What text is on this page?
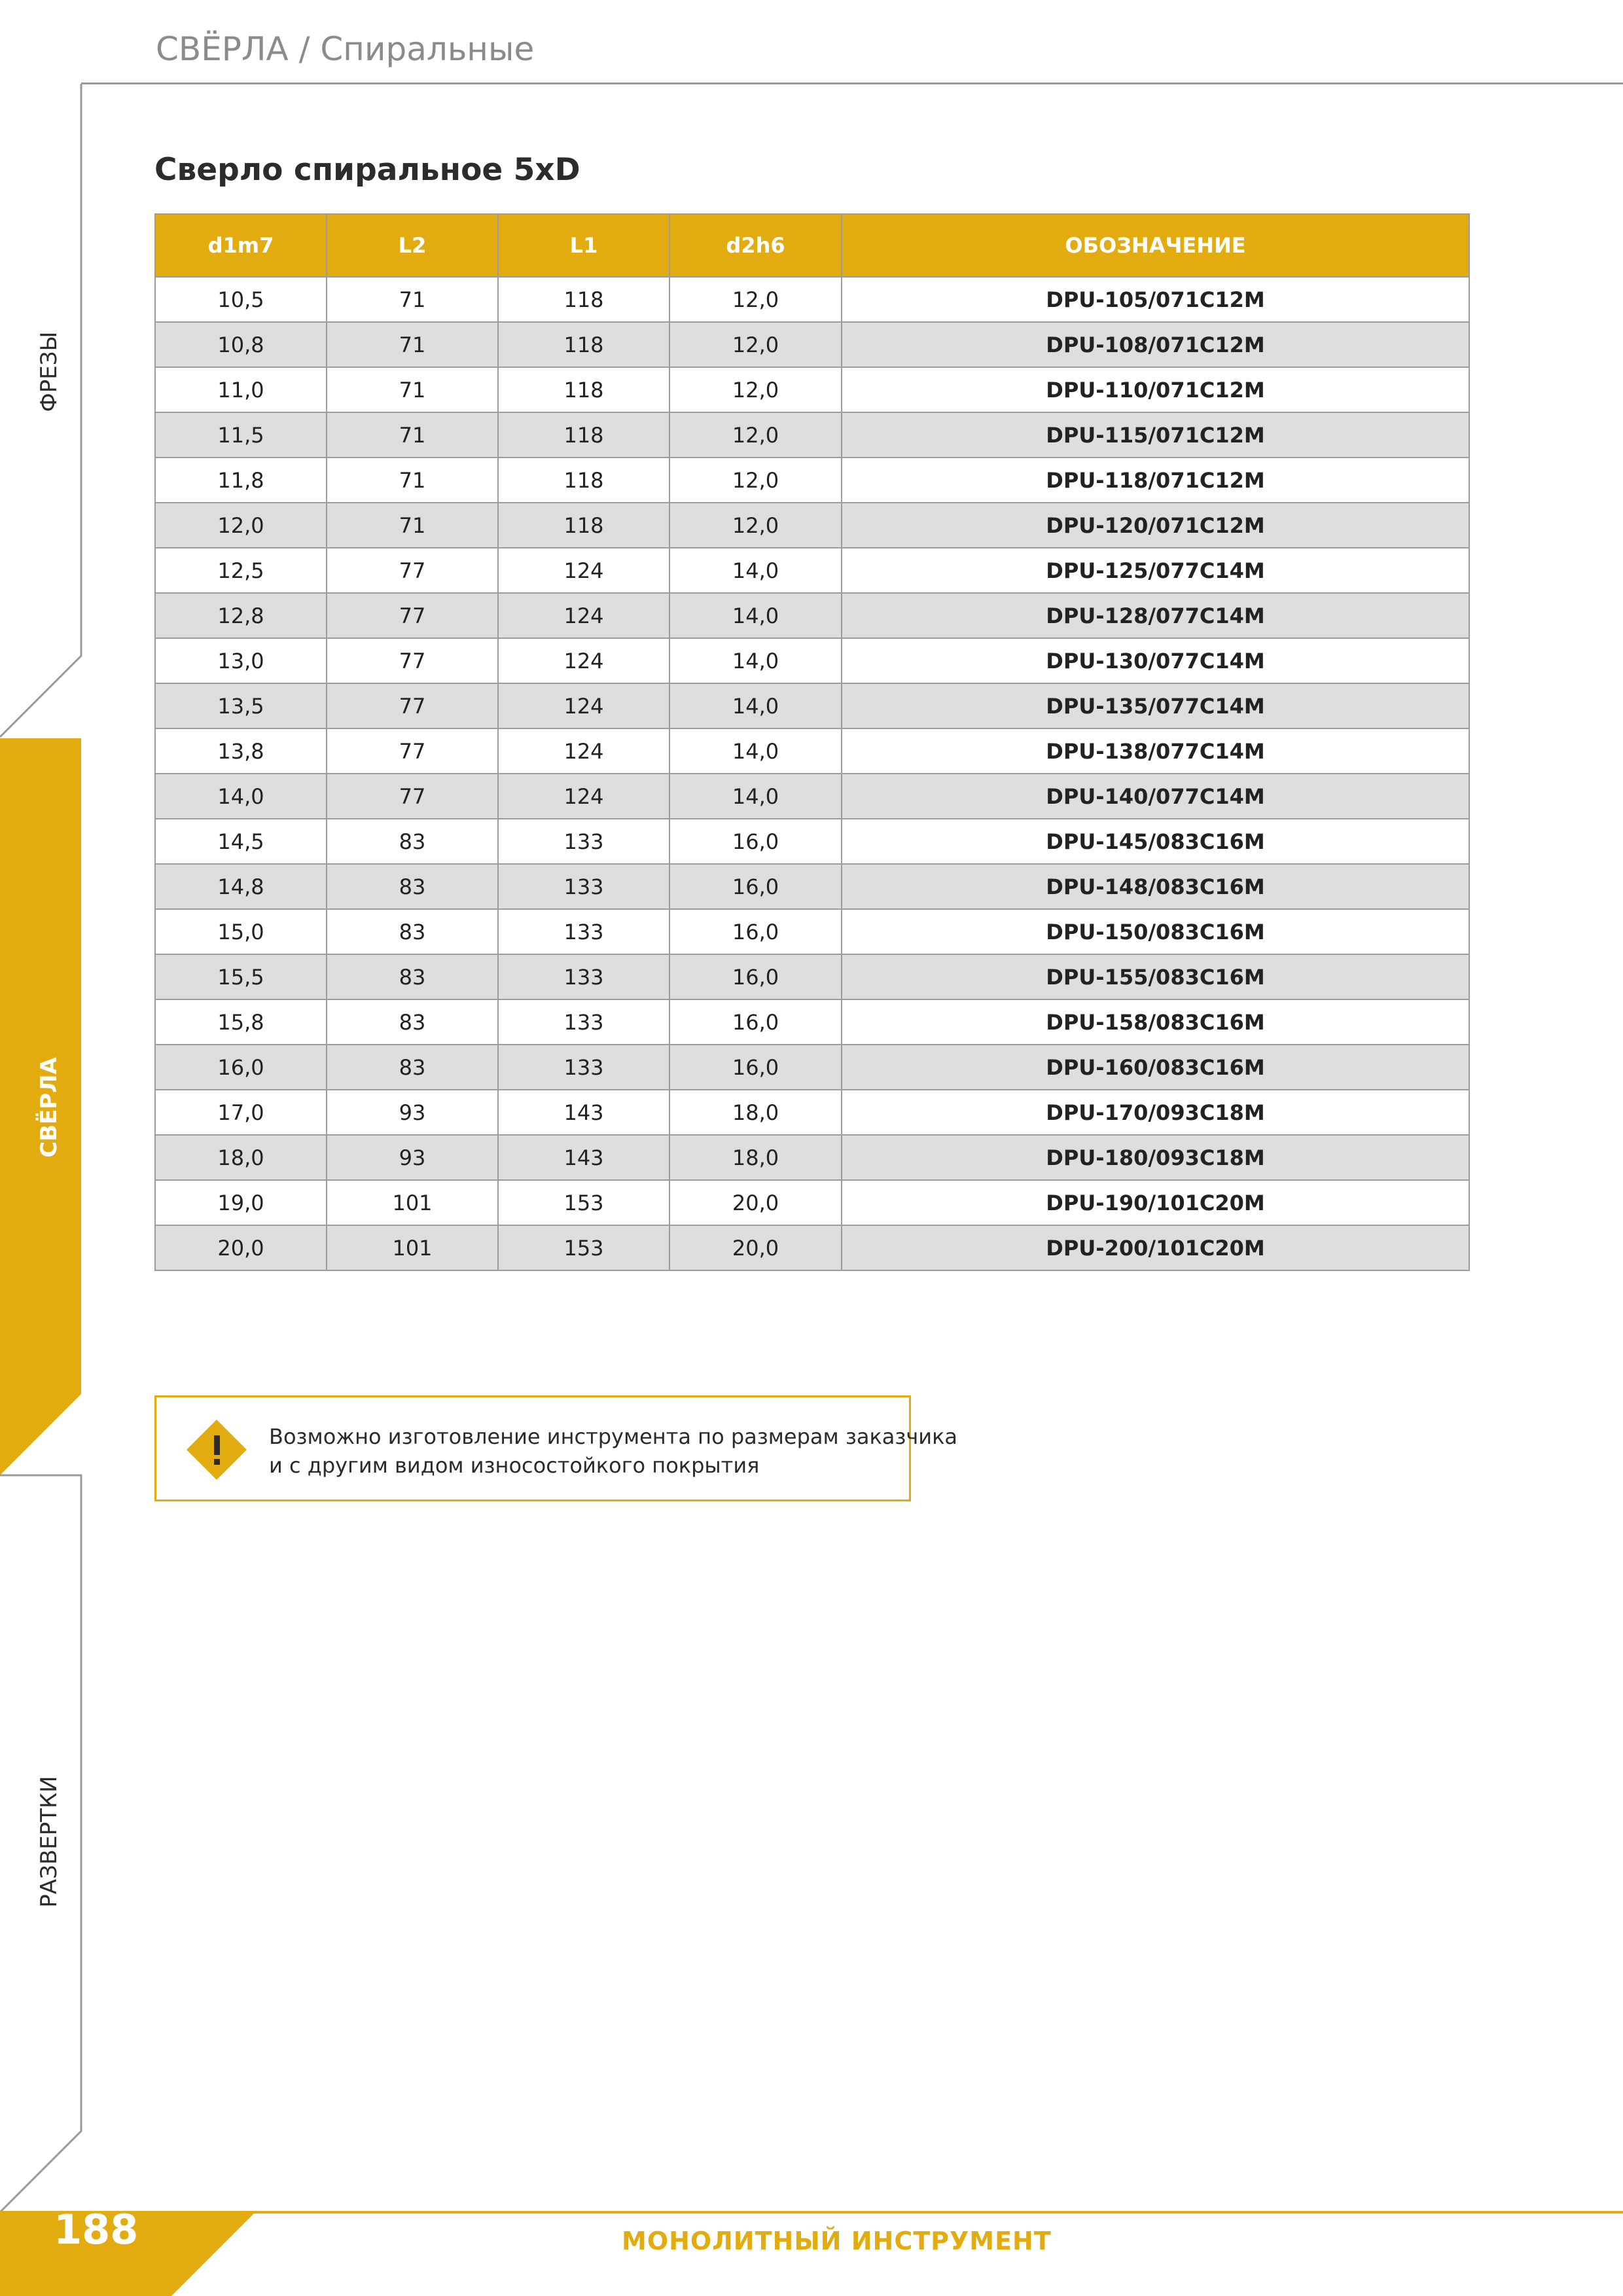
ФРЕЗЫ
СВЁРЛА
РАЗВЕРТКИ
СВЁРЛА / Спиральные
Сверло спиральное 5xD
d1m7	L2	L1	d2h6	ОБОЗНАЧЕНИЕ
10,5	71	118	12,0	DPU-105/071C12M
10,8	71	118	12,0	DPU-108/071C12M
11,0	71	118	12,0	DPU-110/071C12M
11,5	71	118	12,0	DPU-115/071C12M
11,8	71	118	12,0	DPU-118/071C12M
12,0	71	118	12,0	DPU-120/071C12M
12,5	77	124	14,0	DPU-125/077C14M
12,8	77	124	14,0	DPU-128/077C14M
13,0	77	124	14,0	DPU-130/077C14M
13,5	77	124	14,0	DPU-135/077C14M
13,8	77	124	14,0	DPU-138/077C14M
14,0	77	124	14,0	DPU-140/077C14M
14,5	83	133	16,0	DPU-145/083C16M
14,8	83	133	16,0	DPU-148/083C16M
15,0	83	133	16,0	DPU-150/083C16M
15,5	83	133	16,0	DPU-155/083C16M
15,8	83	133	16,0	DPU-158/083C16M
16,0	83	133	16,0	DPU-160/083C16M
17,0	93	143	18,0	DPU-170/093C18M
18,0	93	143	18,0	DPU-180/093C18M
19,0	101	153	20,0	DPU-190/101C20M
20,0	101	153	20,0	DPU-200/101C20M
Возможно изготовление инструмента по размерам заказчика
и с другим видом износостойкого покрытия
188	МОНОЛИТНЫЙ ИНСТРУМЕНТ
